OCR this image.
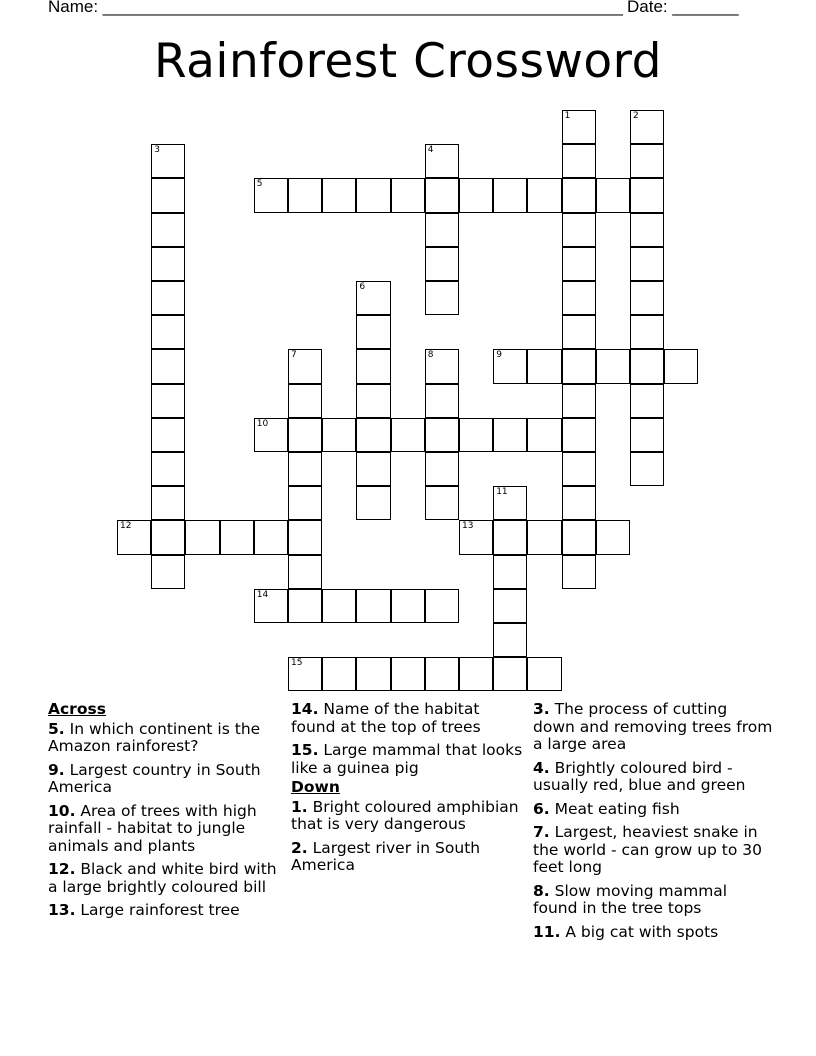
Name: _______________________________________________________ Date: _______
Rainforest Crossword
1	2
3	4
5
6
7	8	9
10
11
12	13
14
15
Across
5. In which continent is the Amazon rainforest?
9. Largest country in South America
10. Area of trees with high rainfall - habitat to jungle animals and plants
12. Black and white bird with a large brightly coloured bill
13. Large rainforest tree
14. Name of the habitat found at the top of trees
15. Large mammal that looks like a guinea pig
Down
1. Bright coloured amphibian that is very dangerous
2. Largest river in South America
3. The process of cutting down and removing trees from a large area
4. Brightly coloured bird - usually red, blue and green
6. Meat eating fish
7. Largest, heaviest snake in the world - can grow up to 30 feet long
8. Slow moving mammal found in the tree tops
11. A big cat with spots
